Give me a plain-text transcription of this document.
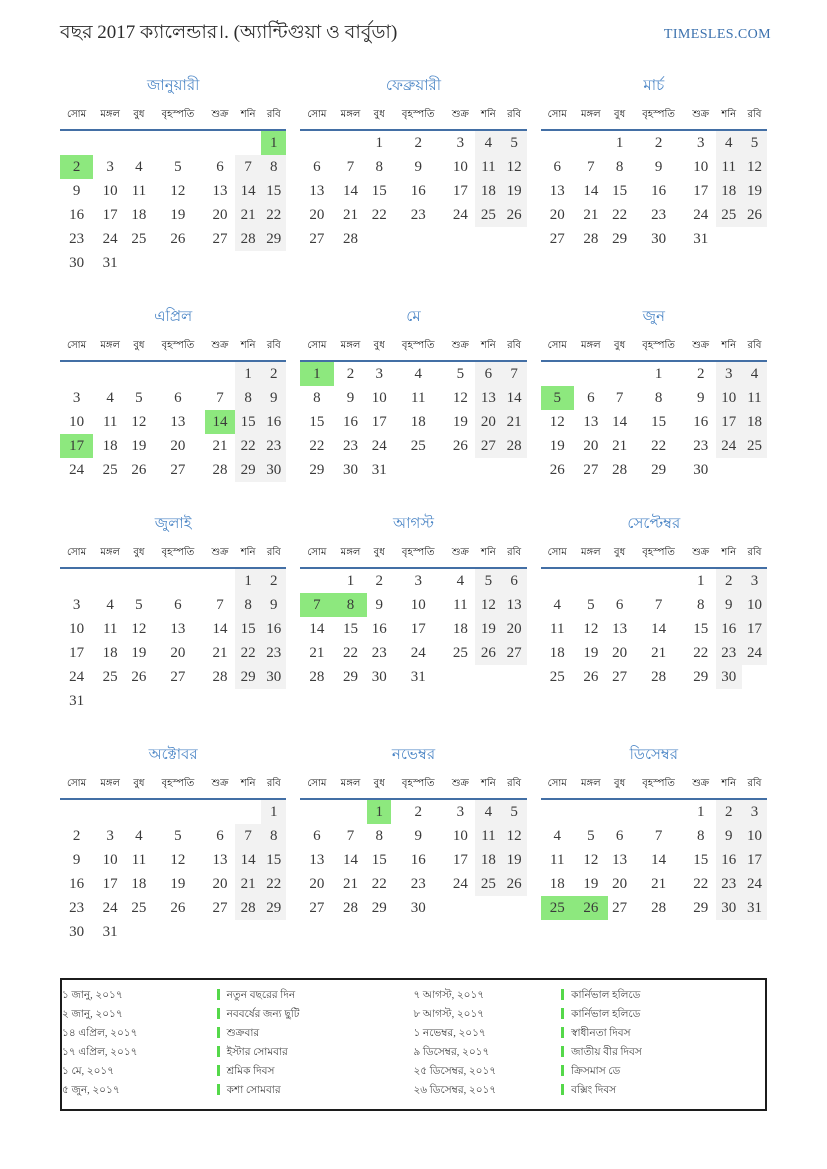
বছর 2017 ক্যালেন্ডার।. (অ্যান্টিগুয়া ও বার্বুডা)	TIMESLES.COM
জানুয়ারী
সোম	মঙ্গল	বুধ	বৃহস্পতি	শুক্র	শনি	রবি
						1
2	3	4	5	6	7	8
9	10	11	12	13	14	15
16	17	18	19	20	21	22
23	24	25	26	27	28	29
30	31					
ফেব্রুয়ারী
সোম	মঙ্গল	বুধ	বৃহস্পতি	শুক্র	শনি	রবি
		1	2	3	4	5
6	7	8	9	10	11	12
13	14	15	16	17	18	19
20	21	22	23	24	25	26
27	28					
মার্চ
সোম	মঙ্গল	বুধ	বৃহস্পতি	শুক্র	শনি	রবি
		1	2	3	4	5
6	7	8	9	10	11	12
13	14	15	16	17	18	19
20	21	22	23	24	25	26
27	28	29	30	31		
এপ্রিল
সোম	মঙ্গল	বুধ	বৃহস্পতি	শুক্র	শনি	রবি
					1	2
3	4	5	6	7	8	9
10	11	12	13	14	15	16
17	18	19	20	21	22	23
24	25	26	27	28	29	30
মে
সোম	মঙ্গল	বুধ	বৃহস্পতি	শুক্র	শনি	রবি
1	2	3	4	5	6	7
8	9	10	11	12	13	14
15	16	17	18	19	20	21
22	23	24	25	26	27	28
29	30	31				
জুন
সোম	মঙ্গল	বুধ	বৃহস্পতি	শুক্র	শনি	রবি
			1	2	3	4
5	6	7	8	9	10	11
12	13	14	15	16	17	18
19	20	21	22	23	24	25
26	27	28	29	30		
জুলাই
সোম	মঙ্গল	বুধ	বৃহস্পতি	শুক্র	শনি	রবি
					1	2
3	4	5	6	7	8	9
10	11	12	13	14	15	16
17	18	19	20	21	22	23
24	25	26	27	28	29	30
31						
আগস্ট
সোম	মঙ্গল	বুধ	বৃহস্পতি	শুক্র	শনি	রবি
	1	2	3	4	5	6
7	8	9	10	11	12	13
14	15	16	17	18	19	20
21	22	23	24	25	26	27
28	29	30	31			
সেপ্টেম্বর
সোম	মঙ্গল	বুধ	বৃহস্পতি	শুক্র	শনি	রবি
				1	2	3
4	5	6	7	8	9	10
11	12	13	14	15	16	17
18	19	20	21	22	23	24
25	26	27	28	29	30	
অক্টোবর
সোম	মঙ্গল	বুধ	বৃহস্পতি	শুক্র	শনি	রবি
						1
2	3	4	5	6	7	8
9	10	11	12	13	14	15
16	17	18	19	20	21	22
23	24	25	26	27	28	29
30	31					
নভেম্বর
সোম	মঙ্গল	বুধ	বৃহস্পতি	শুক্র	শনি	রবি
		1	2	3	4	5
6	7	8	9	10	11	12
13	14	15	16	17	18	19
20	21	22	23	24	25	26
27	28	29	30			
ডিসেম্বর
সোম	মঙ্গল	বুধ	বৃহস্পতি	শুক্র	শনি	রবি
				1	2	3
4	5	6	7	8	9	10
11	12	13	14	15	16	17
18	19	20	21	22	23	24
25	26	27	28	29	30	31
১ জানু, ২০১৭	নতুন বছরের দিন	৭ আগস্ট, ২০১৭	কার্নিভাল হলিডে
২ জানু, ২০১৭	নববর্ষের জন্য ছুটি	৮ আগস্ট, ২০১৭	কার্নিভাল হলিডে
১৪ এপ্রিল, ২০১৭	শুক্রবার	১ নভেম্বর, ২০১৭	স্বাধীনতা দিবস
১৭ এপ্রিল, ২০১৭	ইস্টার সোমবার	৯ ডিসেম্বর, ২০১৭	জাতীয় বীর দিবস
১ মে, ২০১৭	শ্রমিক দিবস	২৫ ডিসেম্বর, ২০১৭	ক্রিসমাস ডে
৫ জুন, ২০১৭	কশা সোমবার	২৬ ডিসেম্বর, ২০১৭	বক্সিং দিবস
